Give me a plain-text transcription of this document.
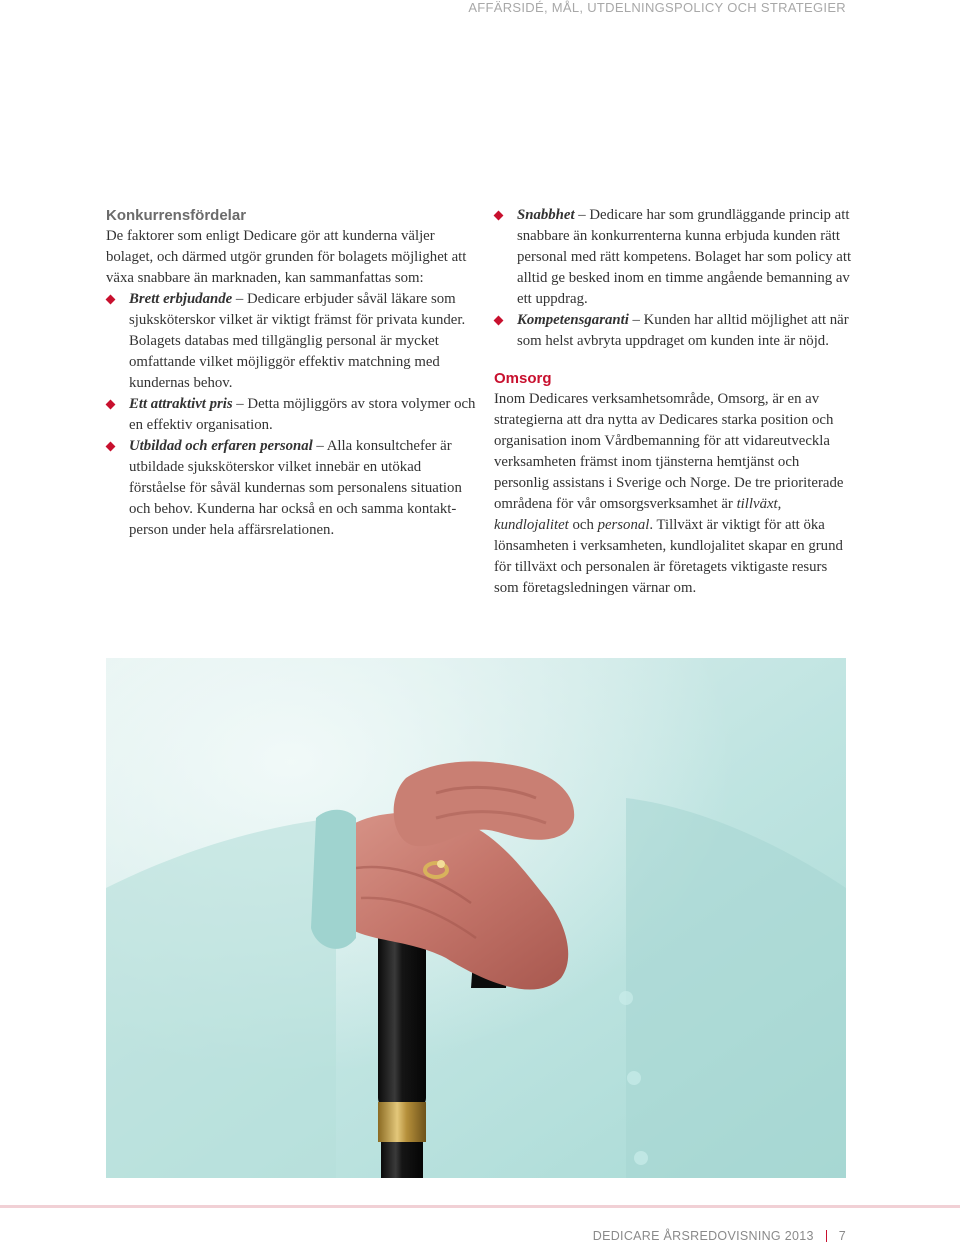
AFFÄRSIDÉ, MÅL, UTDELNINGSPOLICY OCH STRATEGIER
Konkurrensfördelar

De faktorer som enligt Dedicare gör att kunderna väljer bolaget, och därmed utgör grunden för bolagets möjlighet att växa snabbare än marknaden, kan sammanfattas som:

Brett erbjudande – Dedicare erbjuder såväl läkare som sjuksköterskor vilket är viktigt främst för privata kunder. Bolagets databas med tillgänglig personal är mycket omfattande vilket möjliggör effektiv matchning med kundernas behov.
Ett attraktivt pris – Detta möjliggörs av stora volymer och en effektiv organisation.
Utbildad och erfaren personal – Alla konsultchefer är utbildade sjuksköterskor vilket innebär en utökad förståelse för såväl kundernas som personalens situation och behov. Kunderna har också en och samma kontaktperson under hela affärsrelationen.
Snabbhet – Dedicare har som grundläggande princip att snabbare än konkurrenterna kunna erbjuda kunden rätt personal med rätt kompetens. Bolaget har som policy att alltid ge besked inom en timme angående bemanning av ett uppdrag.
Kompetensgaranti – Kunden har alltid möjlighet att när som helst avbryta uppdraget om kunden inte är nöjd.
Omsorg

Inom Dedicares verksamhetsområde, Omsorg, är en av strategierna att dra nytta av Dedicares starka position och organisation inom Vårdbemanning för att vidareutveckla verksamheten främst inom tjänsterna hemtjänst och personlig assistans i Sverige och Norge. De tre prioriterade områdena för vår omsorgsverksamhet är tillväxt, kundlojalitet och personal. Tillväxt är viktigt för att öka lönsamheten i verksamheten, kundlojalitet skapar en grund för tillväxt och personalen är företagets viktigaste resurs som företagsledningen värnar om.

DEDICARE ÅRSREDOVISNING 2013 7
